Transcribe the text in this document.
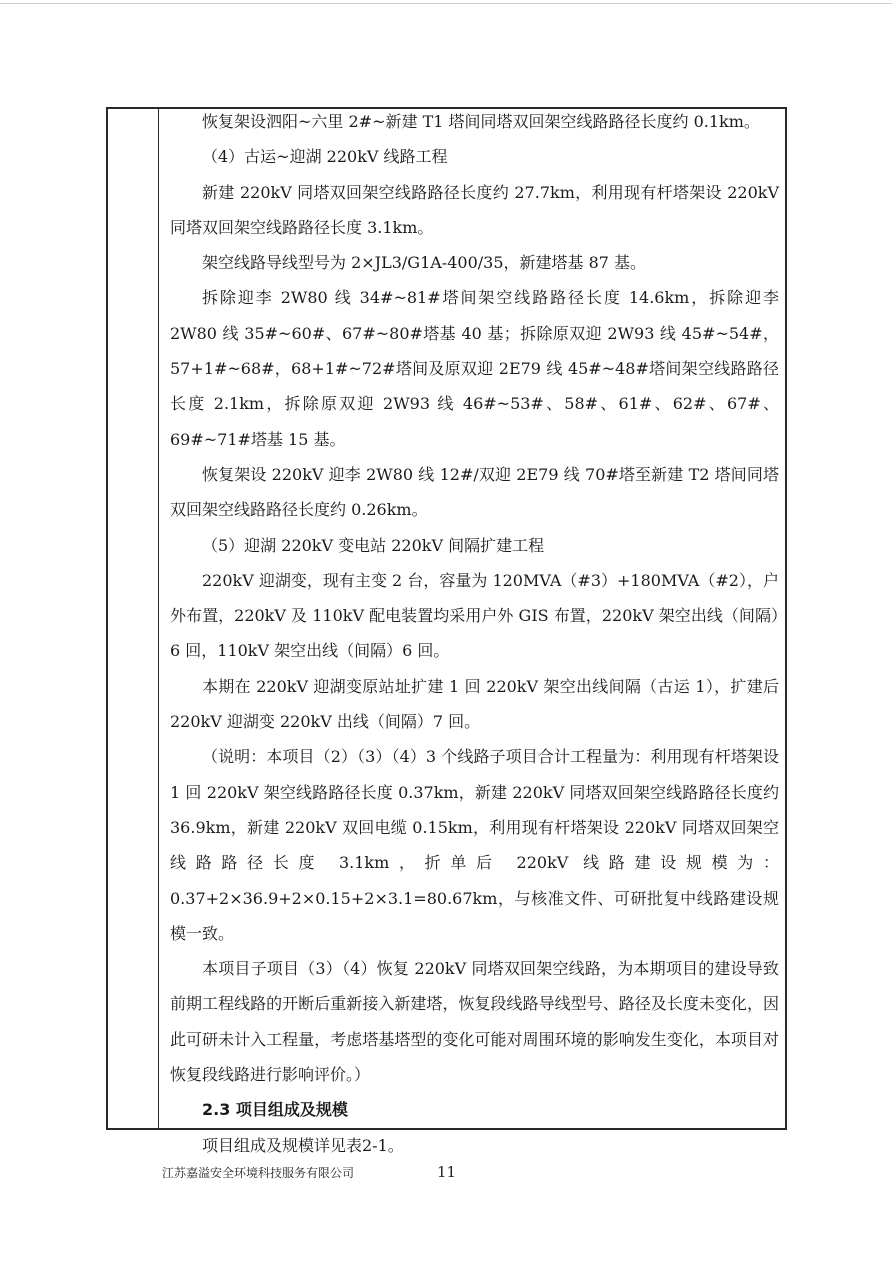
恢复架设泗阳~六里 2#~新建 T1 塔间同塔双回架空线路路径长度约 0.1km。

（4）古运~迎湖 220kV 线路工程

新建 220kV 同塔双回架空线路路径长度约 27.7km，利用现有杆塔架设 220kV 同塔双回架空线路路径长度 3.1km。

架空线路导线型号为 2×JL3/G1A-400/35，新建塔基 87 基。

拆除迎李 2W80 线 34#~81#塔间架空线路路径长度 14.6km，拆除迎李 2W80 线 35#~60#、67#~80#塔基 40 基；拆除原双迎 2W93 线 45#~54#，57+1#~68#，68+1#~72#塔间及原双迎 2E79 线 45#~48#塔间架空线路路径长度 2.1km，拆除原双迎 2W93 线 46#~53#、58#、61#、62#、67#、69#~71#塔基 15 基。

恢复架设 220kV 迎李 2W80 线 12#/双迎 2E79 线 70#塔至新建 T2 塔间同塔双回架空线路路径长度约 0.26km。

（5）迎湖 220kV 变电站 220kV 间隔扩建工程

220kV 迎湖变，现有主变 2 台，容量为 120MVA（#3）+180MVA（#2），户外布置，220kV 及 110kV 配电装置均采用户外 GIS 布置，220kV 架空出线（间隔）6 回，110kV 架空出线（间隔）6 回。

本期在 220kV 迎湖变原站址扩建 1 回 220kV 架空出线间隔（古运 1），扩建后 220kV 迎湖变 220kV 出线（间隔）7 回。

（说明：本项目（2）（3）（4）3 个线路子项目合计工程量为：利用现有杆塔架设 1 回 220kV 架空线路路径长度 0.37km，新建 220kV 同塔双回架空线路路径长度约 36.9km，新建 220kV 双回电缆 0.15km，利用现有杆塔架设 220kV 同塔双回架空线路路径长度 3.1km，折单后 220kV 线路建设规模为：0.37+2×36.9+2×0.15+2×3.1=80.67km，与核准文件、可研批复中线路建设规模一致。

本项目子项目（3）（4）恢复 220kV 同塔双回架空线路，为本期项目的建设导致前期工程线路的开断后重新接入新建塔，恢复段线路导线型号、路径及长度未变化，因此可研未计入工程量，考虑塔基塔型的变化可能对周围环境的影响发生变化，本项目对恢复段线路进行影响评价。）

2.3 项目组成及规模

项目组成及规模详见表2-1。

江苏嘉溢安全环境科技服务有限公司	11
